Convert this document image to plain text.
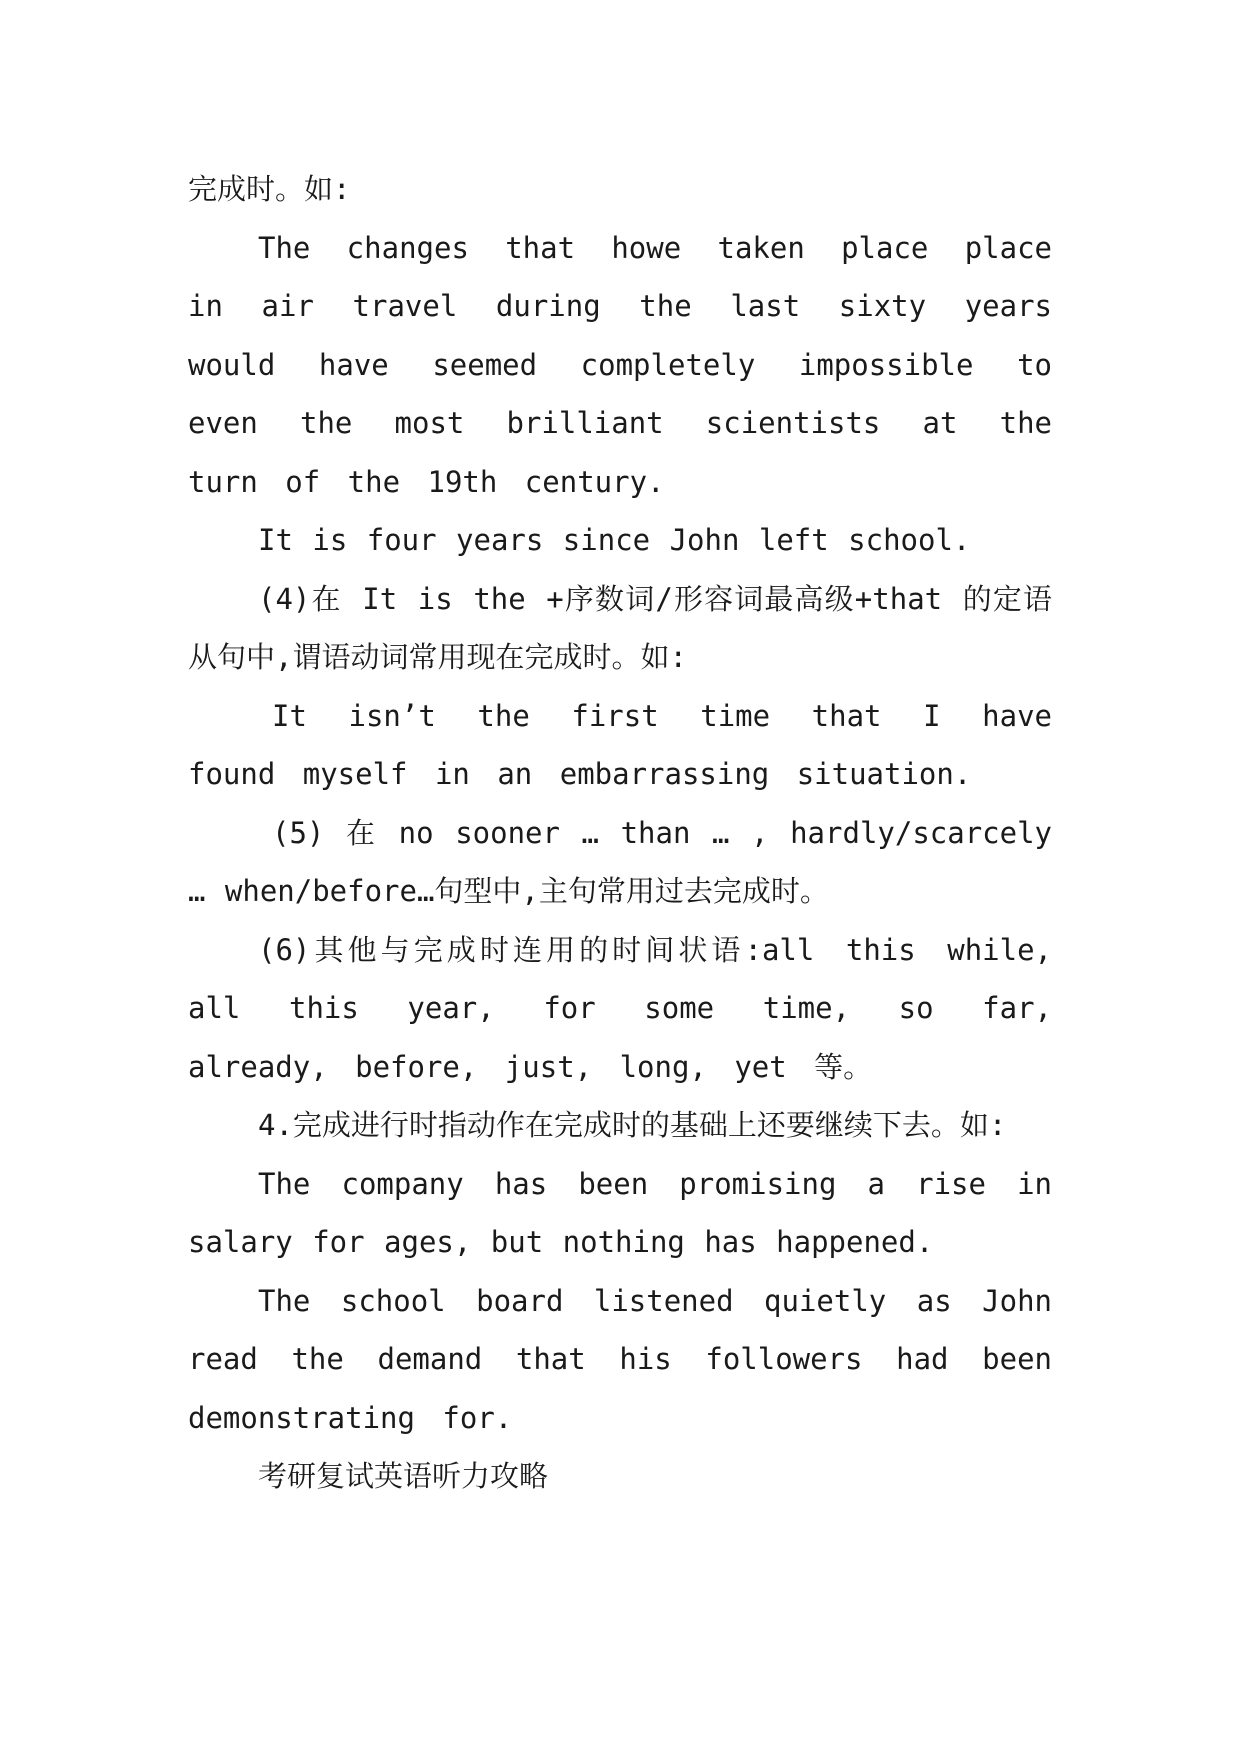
完成时。如:

The changes that howe taken place place in air travel during the last sixty years would have seemed completely impossible to even the most brilliant scientists at the turn of the 19th century.

It is four years since John left school.

(4)在 It is the +序数词/形容词最高级+that 的定语从句中,谓语动词常用现在完成时。如:

It isn’t the first time that I have found myself in an embarrassing situation.

(5) 在 no sooner … than … , hardly/scarcely … when/before…句型中,主句常用过去完成时。

(6)其他与完成时连用的时间状语:all this while, all this year, for some time, so far, already, before, just, long, yet 等。

4.完成进行时指动作在完成时的基础上还要继续下去。如:

The company has been promising a rise in salary for ages, but nothing has happened.

The school board listened quietly as John read the demand that his followers had been demonstrating for.

考研复试英语听力攻略
